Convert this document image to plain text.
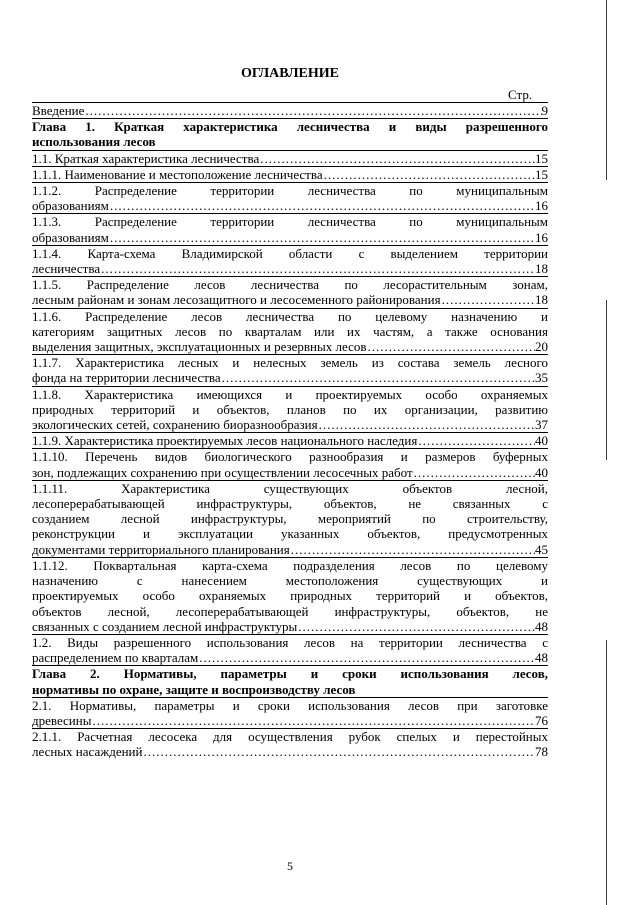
ОГЛАВЛЕНИЕ
Стр.
Введение .....	9
Глава 1. Краткая характеристика лесничества и виды разрешенного
использования лесов
1.1. Краткая характеристика лесничества .....	15
1.1.1. Наименование и местоположение лесничества .....	15
1.1.2. Распределение территории лесничества по муниципальным
образованиям .....	16
1.1.3. Распределение территории лесничества по муниципальным
образованиям .....	16
1.1.4. Карта-схема Владимирской области с выделением территории
лесничества .....	18
1.1.5. Распределение лесов лесничества по лесорастительным зонам,
лесным районам и зонам лесозащитного и лесосеменного районирования .....	18
1.1.6. Распределение лесов лесничества по целевому назначению и
категориям защитных лесов по кварталам или их частям, а также основания
выделения защитных, эксплуатационных и резервных лесов .....	20
1.1.7. Характеристика лесных и нелесных земель из состава земель лесного
фонда на территории лесничества .....	35
1.1.8. Характеристика имеющихся и проектируемых особо охраняемых
природных территорий и объектов, планов по их организации, развитию
экологических сетей, сохранению биоразнообразия .....	37
1.1.9. Характеристика проектируемых лесов национального наследия .....	40
1.1.10. Перечень видов биологического разнообразия и размеров буферных
зон, подлежащих сохранению при осуществлении лесосечных работ .....	40
1.1.11. Характеристика существующих объектов лесной,
лесоперерабатывающей инфраструктуры, объектов, не связанных с
созданием лесной инфраструктуры, мероприятий по строительству,
реконструкции и эксплуатации указанных объектов, предусмотренных
документами территориального планирования .....	45
1.1.12. Поквартальная карта-схема подразделения лесов по целевому
назначению с нанесением местоположения существующих и
проектируемых особо охраняемых природных территорий и объектов,
объектов лесной, лесоперерабатывающей инфраструктуры, объектов, не
связанных с созданием лесной инфраструктуры .....	48
1.2. Виды разрешенного использования лесов на территории лесничества с
распределением по кварталам .....	48
Глава 2. Нормативы, параметры и сроки использования лесов,
нормативы по охране, защите и воспроизводству лесов
2.1. Нормативы, параметры и сроки использования лесов при заготовке
древесины .....	76
2.1.1. Расчетная лесосека для осуществления рубок спелых и перестойных
лесных насаждений .....	78
5
